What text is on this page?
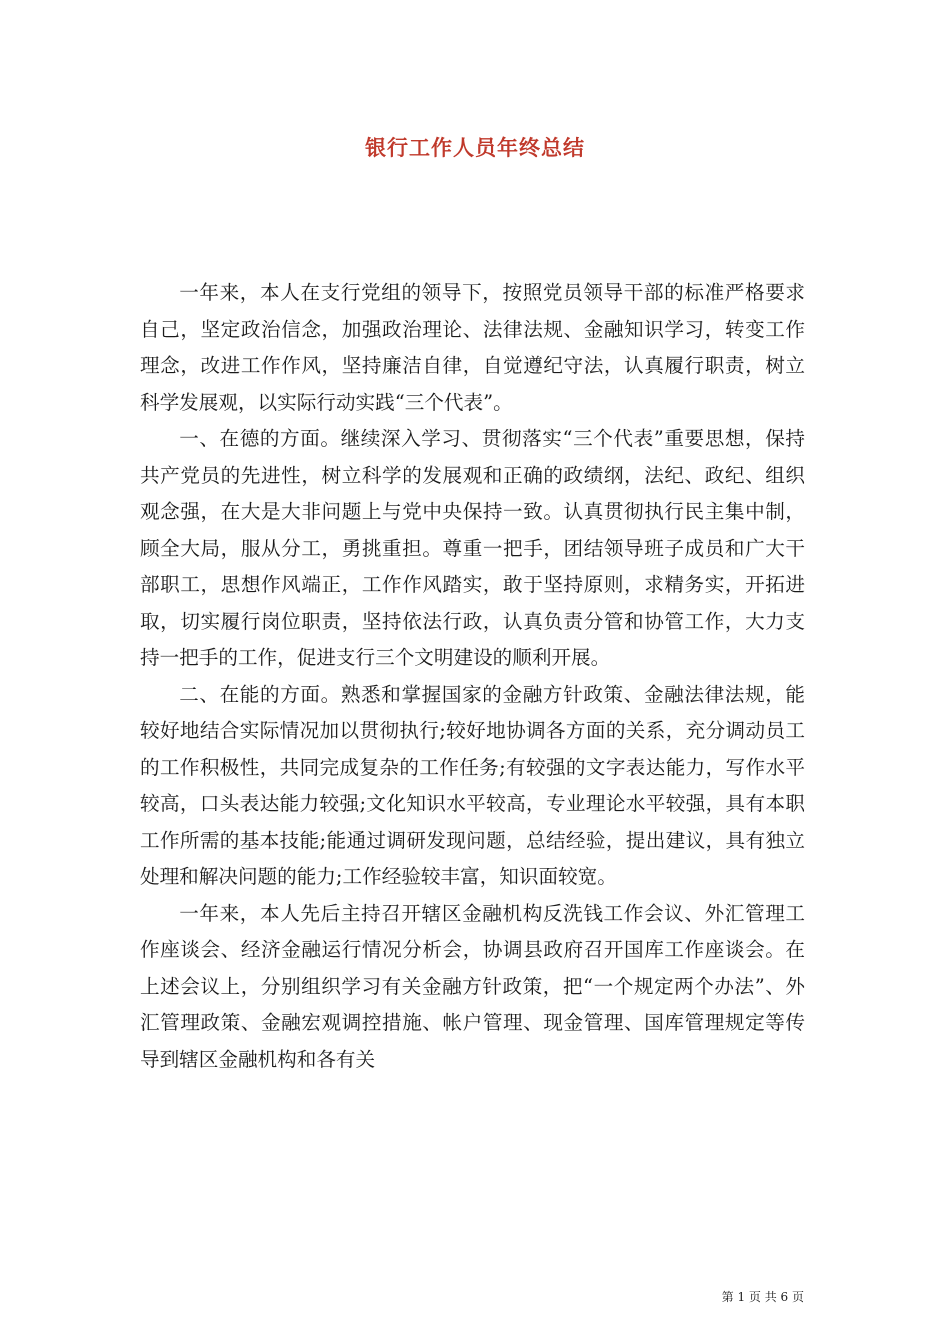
银行工作人员年终总结

一年来，本人在支行党组的领导下，按照党员领导干部的标准严格要求自己，坚定政治信念，加强政治理论、法律法规、金融知识学习，转变工作理念，改进工作作风，坚持廉洁自律，自觉遵纪守法，认真履行职责，树立科学发展观，以实际行动实践“三个代表”。

一、在德的方面。继续深入学习、贯彻落实“三个代表”重要思想，保持共产党员的先进性，树立科学的发展观和正确的政绩纲，法纪、政纪、组织观念强，在大是大非问题上与党中央保持一致。认真贯彻执行民主集中制，顾全大局，服从分工，勇挑重担。尊重一把手，团结领导班子成员和广大干部职工，思想作风端正，工作作风踏实，敢于坚持原则，求精务实，开拓进取，切实履行岗位职责，坚持依法行政，认真负责分管和协管工作，大力支持一把手的工作，促进支行三个文明建设的顺利开展。

二、在能的方面。熟悉和掌握国家的金融方针政策、金融法律法规，能较好地结合实际情况加以贯彻执行;较好地协调各方面的关系，充分调动员工的工作积极性，共同完成复杂的工作任务;有较强的文字表达能力，写作水平较高，口头表达能力较强;文化知识水平较高，专业理论水平较强，具有本职工作所需的基本技能;能通过调研发现问题，总结经验，提出建议，具有独立处理和解决问题的能力;工作经验较丰富，知识面较宽。

一年来，本人先后主持召开辖区金融机构反洗钱工作会议、外汇管理工作座谈会、经济金融运行情况分析会，协调县政府召开国库工作座谈会。在上述会议上，分别组织学习有关金融方针政策，把“一个规定两个办法”、外汇管理政策、金融宏观调控措施、帐户管理、现金管理、国库管理规定等传导到辖区金融机构和各有关

第 1 页 共 6 页
